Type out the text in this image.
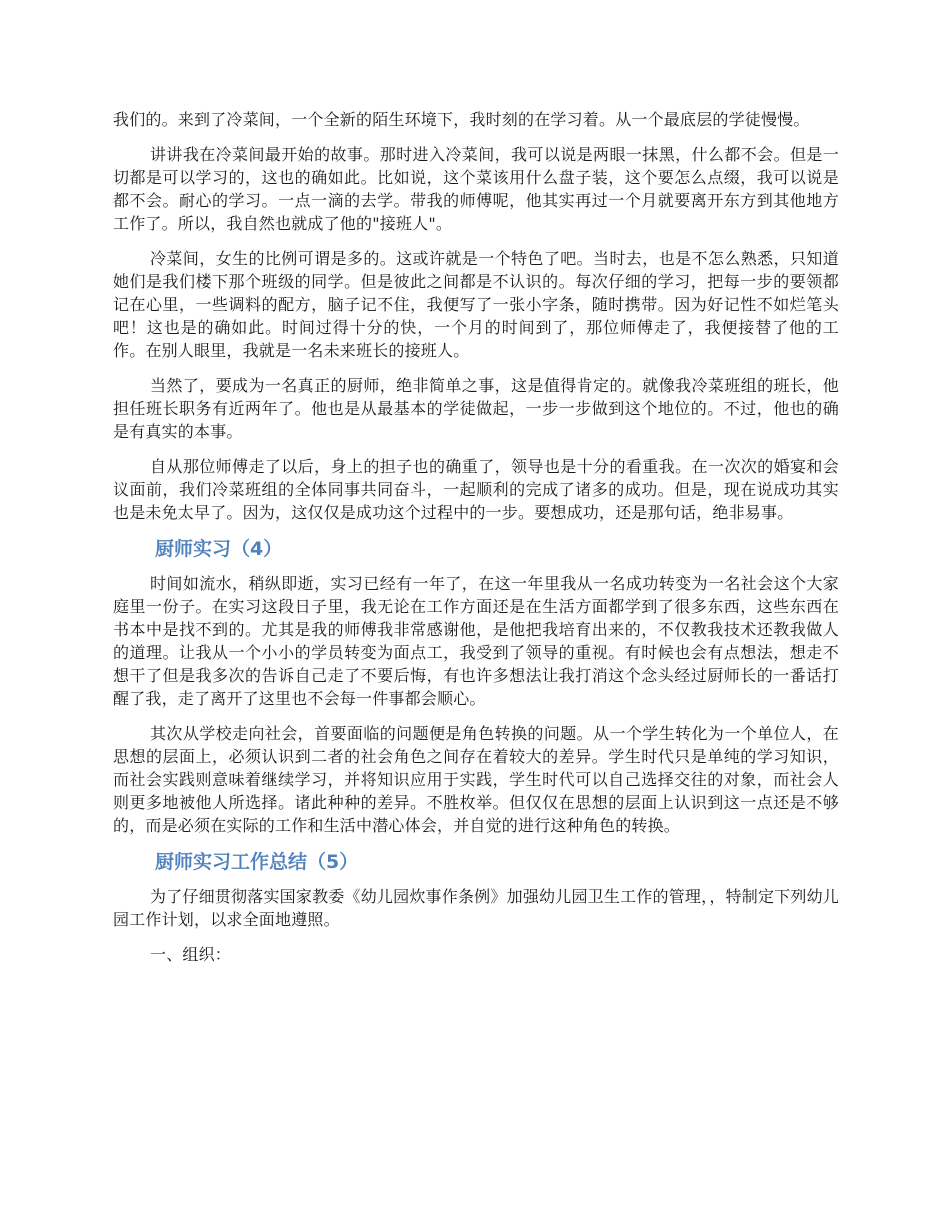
我们的。来到了冷菜间，一个全新的陌生环境下，我时刻的在学习着。从一个最底层的学徒慢慢。

讲讲我在冷菜间最开始的故事。那时进入冷菜间，我可以说是两眼一抹黑，什么都不会。但是一切都是可以学习的，这也的确如此。比如说，这个菜该用什么盘子装，这个要怎么点缀，我可以说是都不会。耐心的学习。一点一滴的去学。带我的师傅呢，他其实再过一个月就要离开东方到其他地方工作了。所以，我自然也就成了他的"接班人"。

冷菜间，女生的比例可谓是多的。这或许就是一个特色了吧。当时去，也是不怎么熟悉，只知道她们是我们楼下那个班级的同学。但是彼此之间都是不认识的。每次仔细的学习，把每一步的要领都记在心里，一些调料的配方，脑子记不住，我便写了一张小字条，随时携带。因为好记性不如烂笔头吧！这也是的确如此。时间过得十分的快，一个月的时间到了，那位师傅走了，我便接替了他的工作。在别人眼里，我就是一名未来班长的接班人。

当然了，要成为一名真正的厨师，绝非简单之事，这是值得肯定的。就像我冷菜班组的班长，他担任班长职务有近两年了。他也是从最基本的学徒做起，一步一步做到这个地位的。不过，他也的确是有真实的本事。

自从那位师傅走了以后，身上的担子也的确重了，领导也是十分的看重我。在一次次的婚宴和会议面前，我们冷菜班组的全体同事共同奋斗，一起顺利的完成了诸多的成功。但是，现在说成功其实也是未免太早了。因为，这仅仅是成功这个过程中的一步。要想成功，还是那句话，绝非易事。

厨师实习（4）

时间如流水，稍纵即逝，实习已经有一年了，在这一年里我从一名成功转变为一名社会这个大家庭里一份子。在实习这段日子里，我无论在工作方面还是在生活方面都学到了很多东西，这些东西在书本中是找不到的。尤其是我的师傅我非常感谢他，是他把我培育出来的，不仅教我技术还教我做人的道理。让我从一个小小的学员转变为面点工，我受到了领导的重视。有时候也会有点想法，想走不想干了但是我多次的告诉自己走了不要后悔，有也许多想法让我打消这个念头经过厨师长的一番话打醒了我，走了离开了这里也不会每一件事都会顺心。

其次从学校走向社会，首要面临的问题便是角色转换的问题。从一个学生转化为一个单位人，在思想的层面上，必须认识到二者的社会角色之间存在着较大的差异。学生时代只是单纯的学习知识，而社会实践则意味着继续学习，并将知识应用于实践，学生时代可以自己选择交往的对象，而社会人则更多地被他人所选择。诸此种种的差异。不胜枚举。但仅仅在思想的层面上认识到这一点还是不够的，而是必须在实际的工作和生活中潜心体会，并自觉的进行这种角色的转换。

厨师实习工作总结（5）

为了仔细贯彻落实国家教委《幼儿园炊事作条例》加强幼儿园卫生工作的管理，，特制定下列幼儿园工作计划，以求全面地遵照。

一、组织：
